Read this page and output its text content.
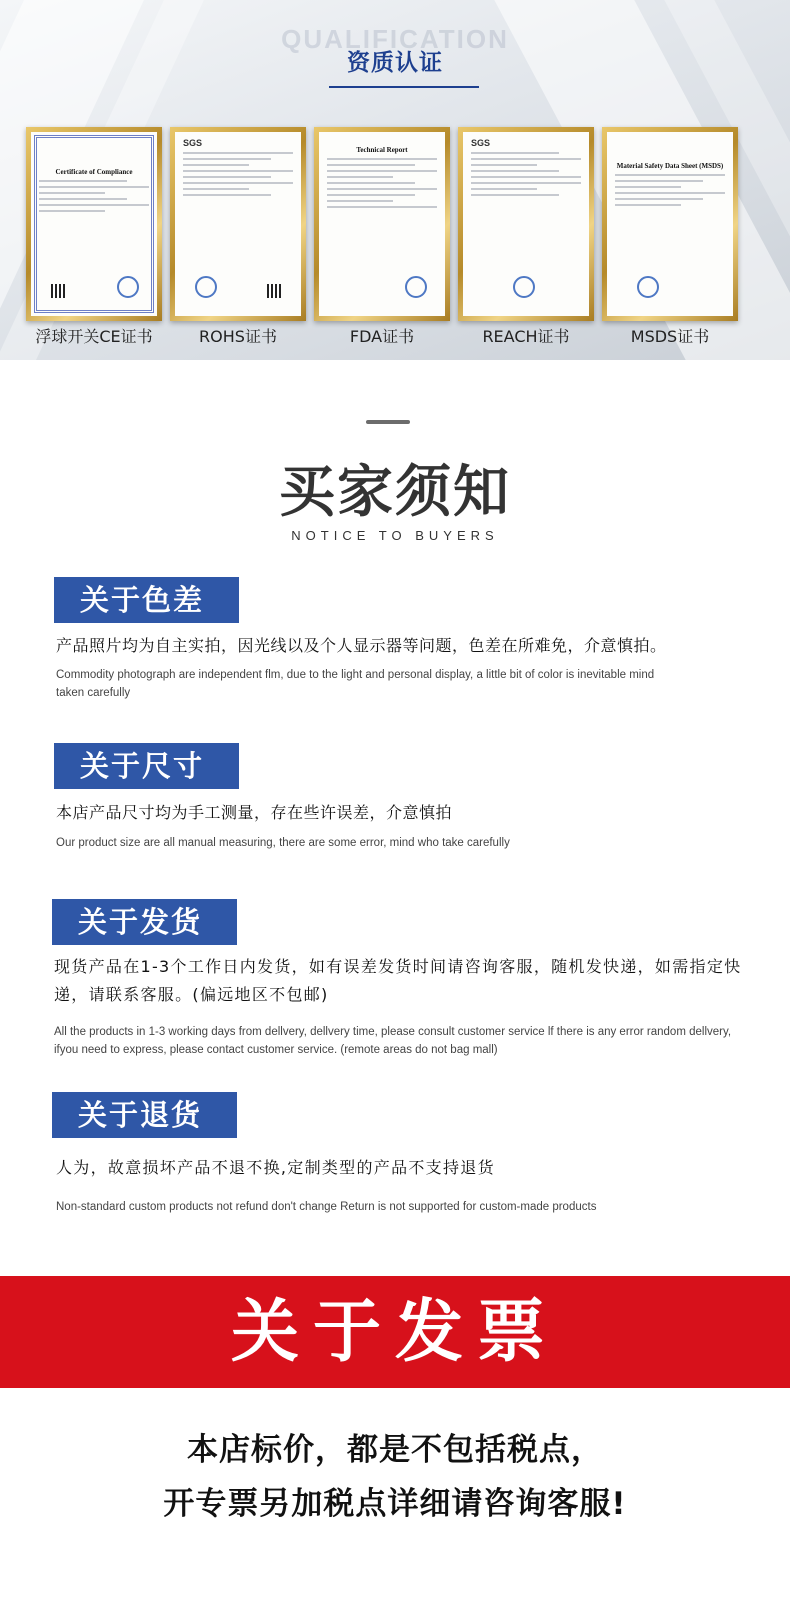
QUALIFICATION
资质认证
Certificate of Compliance
浮球开关CE证书
SGS
ROHS证书
Technical Report
FDA证书
SGS
REACH证书
Material Safety Data Sheet (MSDS)
MSDS证书
买家须知
NOTICE TO BUYERS
关于色差
产品照片均为自主实拍，因光线以及个人显示器等问题，色差在所难免，介意慎拍。
Commodity photograph are independent flm, due to the light and personal display, a little bit of color is inevitable mind taken carefully
关于尺寸
本店产品尺寸均为手工测量，存在些许误差，介意慎拍
Our product size are all manual measuring, there are some error, mind who take carefully
关于发货
现货产品在1-3个工作日内发货，如有误差发货时间请咨询客服，随机发快递，如需指定快递，请联系客服。(偏远地区不包邮)
All the products in 1-3 working days from dellvery, dellvery time, please consult customer service lf there is any error random dellvery, ifyou need to express, please contact customer service. (remote areas do not bag mall)
关于退货
人为，故意损坏产品不退不换,定制类型的产品不支持退货
Non-standard custom products not refund don't change Return is not supported for custom-made products
关于发票
本店标价，都是不包括税点，
开专票另加税点详细请咨询客服!
